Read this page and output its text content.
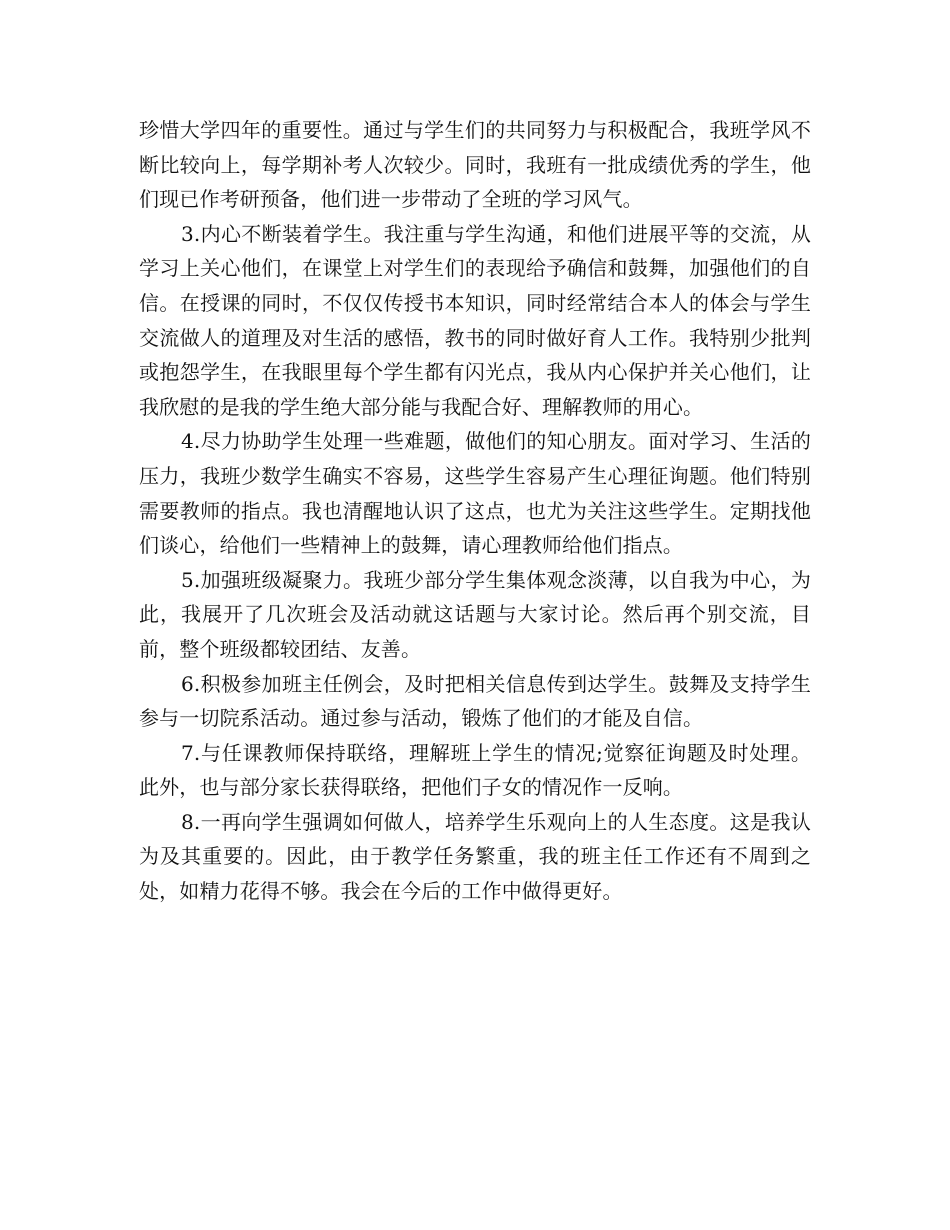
珍惜大学四年的重要性。通过与学生们的共同努力与积极配合，我班学风不断比较向上，每学期补考人次较少。同时，我班有一批成绩优秀的学生，他们现已作考研预备，他们进一步带动了全班的学习风气。

3.内心不断装着学生。我注重与学生沟通，和他们进展平等的交流，从学习上关心他们，在课堂上对学生们的表现给予确信和鼓舞，加强他们的自信。在授课的同时，不仅仅传授书本知识，同时经常结合本人的体会与学生交流做人的道理及对生活的感悟，教书的同时做好育人工作。我特别少批判或抱怨学生，在我眼里每个学生都有闪光点，我从内心保护并关心他们，让我欣慰的是我的学生绝大部分能与我配合好、理解教师的用心。

4.尽力协助学生处理一些难题，做他们的知心朋友。面对学习、生活的压力，我班少数学生确实不容易，这些学生容易产生心理征询题。他们特别需要教师的指点。我也清醒地认识了这点，也尤为关注这些学生。定期找他们谈心，给他们一些精神上的鼓舞，请心理教师给他们指点。

5.加强班级凝聚力。我班少部分学生集体观念淡薄，以自我为中心，为此，我展开了几次班会及活动就这话题与大家讨论。然后再个别交流，目前，整个班级都较团结、友善。

6.积极参加班主任例会，及时把相关信息传到达学生。鼓舞及支持学生参与一切院系活动。通过参与活动，锻炼了他们的才能及自信。

7.与任课教师保持联络，理解班上学生的情况;觉察征询题及时处理。此外，也与部分家长获得联络，把他们子女的情况作一反响。

8.一再向学生强调如何做人，培养学生乐观向上的人生态度。这是我认为及其重要的。因此，由于教学任务繁重，我的班主任工作还有不周到之处，如精力花得不够。我会在今后的工作中做得更好。
